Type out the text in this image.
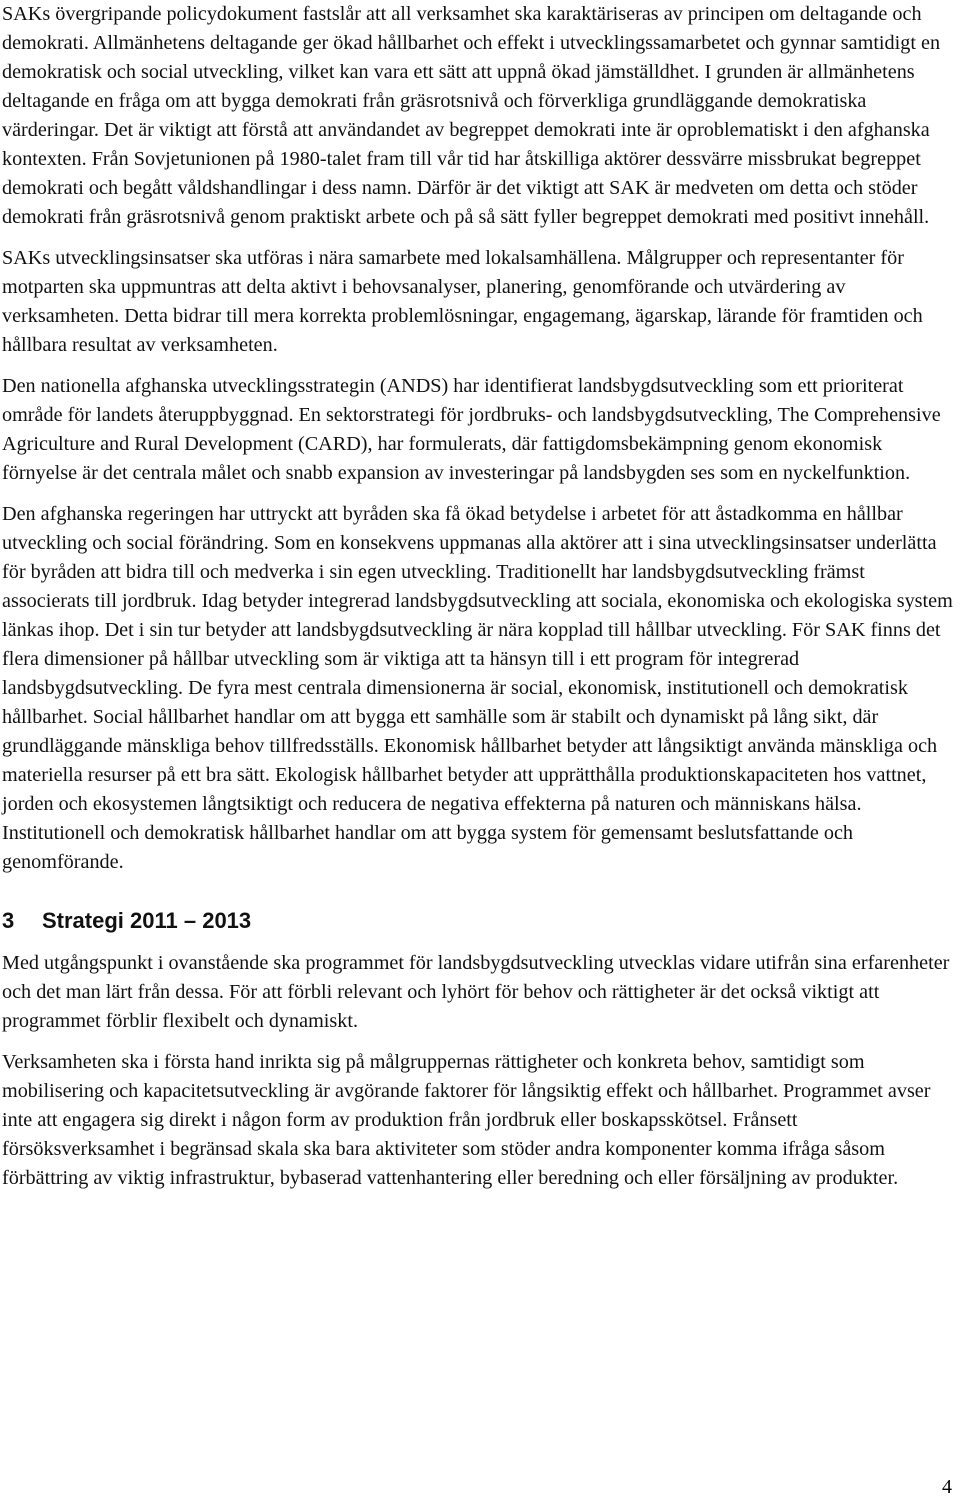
SAKs övergripande policydokument fastslår att all verksamhet ska karaktäriseras av principen om deltagande och demokrati. Allmänhetens deltagande ger ökad hållbarhet och effekt i utvecklingssamarbetet och gynnar samtidigt en demokratisk och social utveckling, vilket kan vara ett sätt att uppnå ökad jämställdhet. I grunden är allmänhetens deltagande en fråga om att bygga demokrati från gräsrotsnivå och förverkliga grundläggande demokratiska värderingar. Det är viktigt att förstå att användandet av begreppet demokrati inte är oproblematiskt i den afghanska kontexten. Från Sovjetunionen på 1980-talet fram till vår tid har åtskilliga aktörer dessvärre missbrukat begreppet demokrati och begått våldshandlingar i dess namn. Därför är det viktigt att SAK är medveten om detta och stöder demokrati från gräsrotsnivå genom praktiskt arbete och på så sätt fyller begreppet demokrati med positivt innehåll.

SAKs utvecklingsinsatser ska utföras i nära samarbete med lokalsamhällena. Målgrupper och representanter för motparten ska uppmuntras att delta aktivt i behovsanalyser, planering, genomförande och utvärdering av verksamheten. Detta bidrar till mera korrekta problemlösningar, engagemang, ägarskap, lärande för framtiden och hållbara resultat av verksamheten.

Den nationella afghanska utvecklingsstrategin (ANDS) har identifierat landsbygdsutveckling som ett prioriterat område för landets återuppbyggnad. En sektorstrategi för jordbruks- och landsbygdsutveckling, The Comprehensive Agriculture and Rural Development (CARD), har formulerats, där fattigdomsbekämpning genom ekonomisk förnyelse är det centrala målet och snabb expansion av investeringar på landsbygden ses som en nyckelfunktion.

Den afghanska regeringen har uttryckt att byråden ska få ökad betydelse i arbetet för att åstadkomma en hållbar utveckling och social förändring. Som en konsekvens uppmanas alla aktörer att i sina utvecklingsinsatser underlätta för byråden att bidra till och medverka i sin egen utveckling. Traditionellt har landsbygdsutveckling främst associerats till jordbruk. Idag betyder integrerad landsbygdsutveckling att sociala, ekonomiska och ekologiska system länkas ihop. Det i sin tur betyder att landsbygdsutveckling är nära kopplad till hållbar utveckling. För SAK finns det flera dimensioner på hållbar utveckling som är viktiga att ta hänsyn till i ett program för integrerad landsbygdsutveckling. De fyra mest centrala dimensionerna är social, ekonomisk, institutionell och demokratisk hållbarhet. Social hållbarhet handlar om att bygga ett samhälle som är stabilt och dynamiskt på lång sikt, där grundläggande mänskliga behov tillfredsställs. Ekonomisk hållbarhet betyder att långsiktigt använda mänskliga och materiella resurser på ett bra sätt. Ekologisk hållbarhet betyder att upprätthålla produktionskapaciteten hos vattnet, jorden och ekosystemen långtsiktigt och reducera de negativa effekterna på naturen och människans hälsa. Institutionell och demokratisk hållbarhet handlar om att bygga system för gemensamt beslutsfattande och genomförande.

3 Strategi 2011 – 2013

Med utgångspunkt i ovanstående ska programmet för landsbygdsutveckling utvecklas vidare utifrån sina erfarenheter och det man lärt från dessa. För att förbli relevant och lyhört för behov och rättigheter är det också viktigt att programmet förblir flexibelt och dynamiskt.

Verksamheten ska i första hand inrikta sig på målgruppernas rättigheter och konkreta behov, samtidigt som mobilisering och kapacitetsutveckling är avgörande faktorer för långsiktig effekt och hållbarhet. Programmet avser inte att engagera sig direkt i någon form av produktion från jordbruk eller boskapsskötsel. Frånsett försöksverksamhet i begränsad skala ska bara aktiviteter som stöder andra komponenter komma ifråga såsom förbättring av viktig infrastruktur, bybaserad vattenhantering eller beredning och eller försäljning av produkter.

4
